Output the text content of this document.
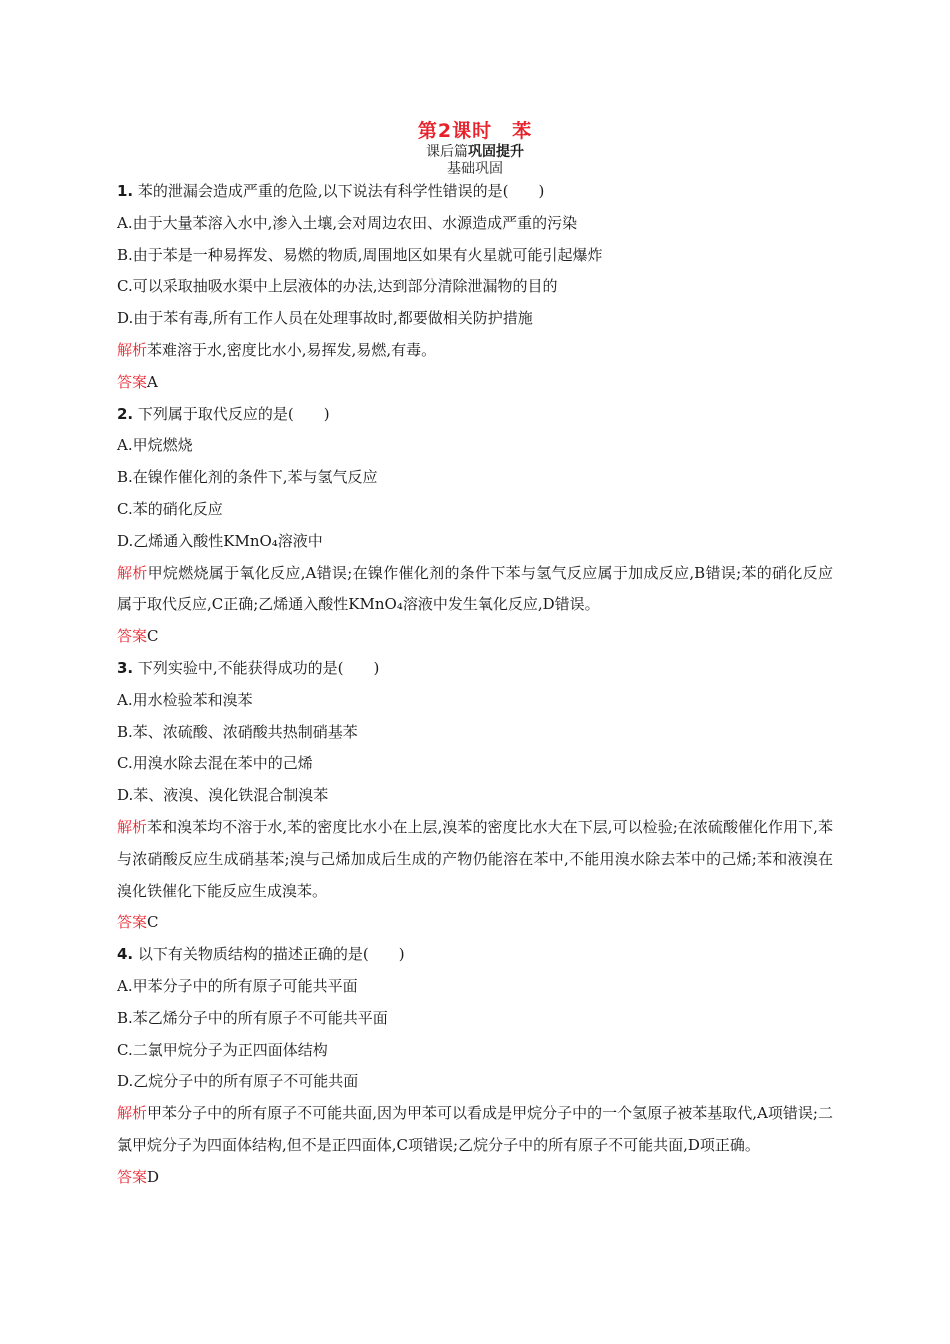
第2课时　苯
课后篇巩固提升
基础巩固
1. 苯的泄漏会造成严重的危险,以下说法有科学性错误的是(　　)
A.由于大量苯溶入水中,渗入土壤,会对周边农田、水源造成严重的污染
B.由于苯是一种易挥发、易燃的物质,周围地区如果有火星就可能引起爆炸
C.可以采取抽吸水渠中上层液体的办法,达到部分清除泄漏物的目的
D.由于苯有毒,所有工作人员在处理事故时,都要做相关防护措施
解析苯难溶于水,密度比水小,易挥发,易燃,有毒。
答案A
2. 下列属于取代反应的是(　　)
A.甲烷燃烧
B.在镍作催化剂的条件下,苯与氢气反应
C.苯的硝化反应
D.乙烯通入酸性KMnO₄溶液中
解析甲烷燃烧属于氧化反应,A错误;在镍作催化剂的条件下苯与氢气反应属于加成反应,B错误;苯的硝化反应属于取代反应,C正确;乙烯通入酸性KMnO₄溶液中发生氧化反应,D错误。
答案C
3. 下列实验中,不能获得成功的是(　　)
A.用水检验苯和溴苯
B.苯、浓硫酸、浓硝酸共热制硝基苯
C.用溴水除去混在苯中的己烯
D.苯、液溴、溴化铁混合制溴苯
解析苯和溴苯均不溶于水,苯的密度比水小在上层,溴苯的密度比水大在下层,可以检验;在浓硫酸催化作用下,苯与浓硝酸反应生成硝基苯;溴与己烯加成后生成的产物仍能溶在苯中,不能用溴水除去苯中的己烯;苯和液溴在溴化铁催化下能反应生成溴苯。
答案C
4. 以下有关物质结构的描述正确的是(　　)
A.甲苯分子中的所有原子可能共平面
B.苯乙烯分子中的所有原子不可能共平面
C.二氯甲烷分子为正四面体结构
D.乙烷分子中的所有原子不可能共面
解析甲苯分子中的所有原子不可能共面,因为甲苯可以看成是甲烷分子中的一个氢原子被苯基取代,A项错误;二氯甲烷分子为四面体结构,但不是正四面体,C项错误;乙烷分子中的所有原子不可能共面,D项正确。
答案D
